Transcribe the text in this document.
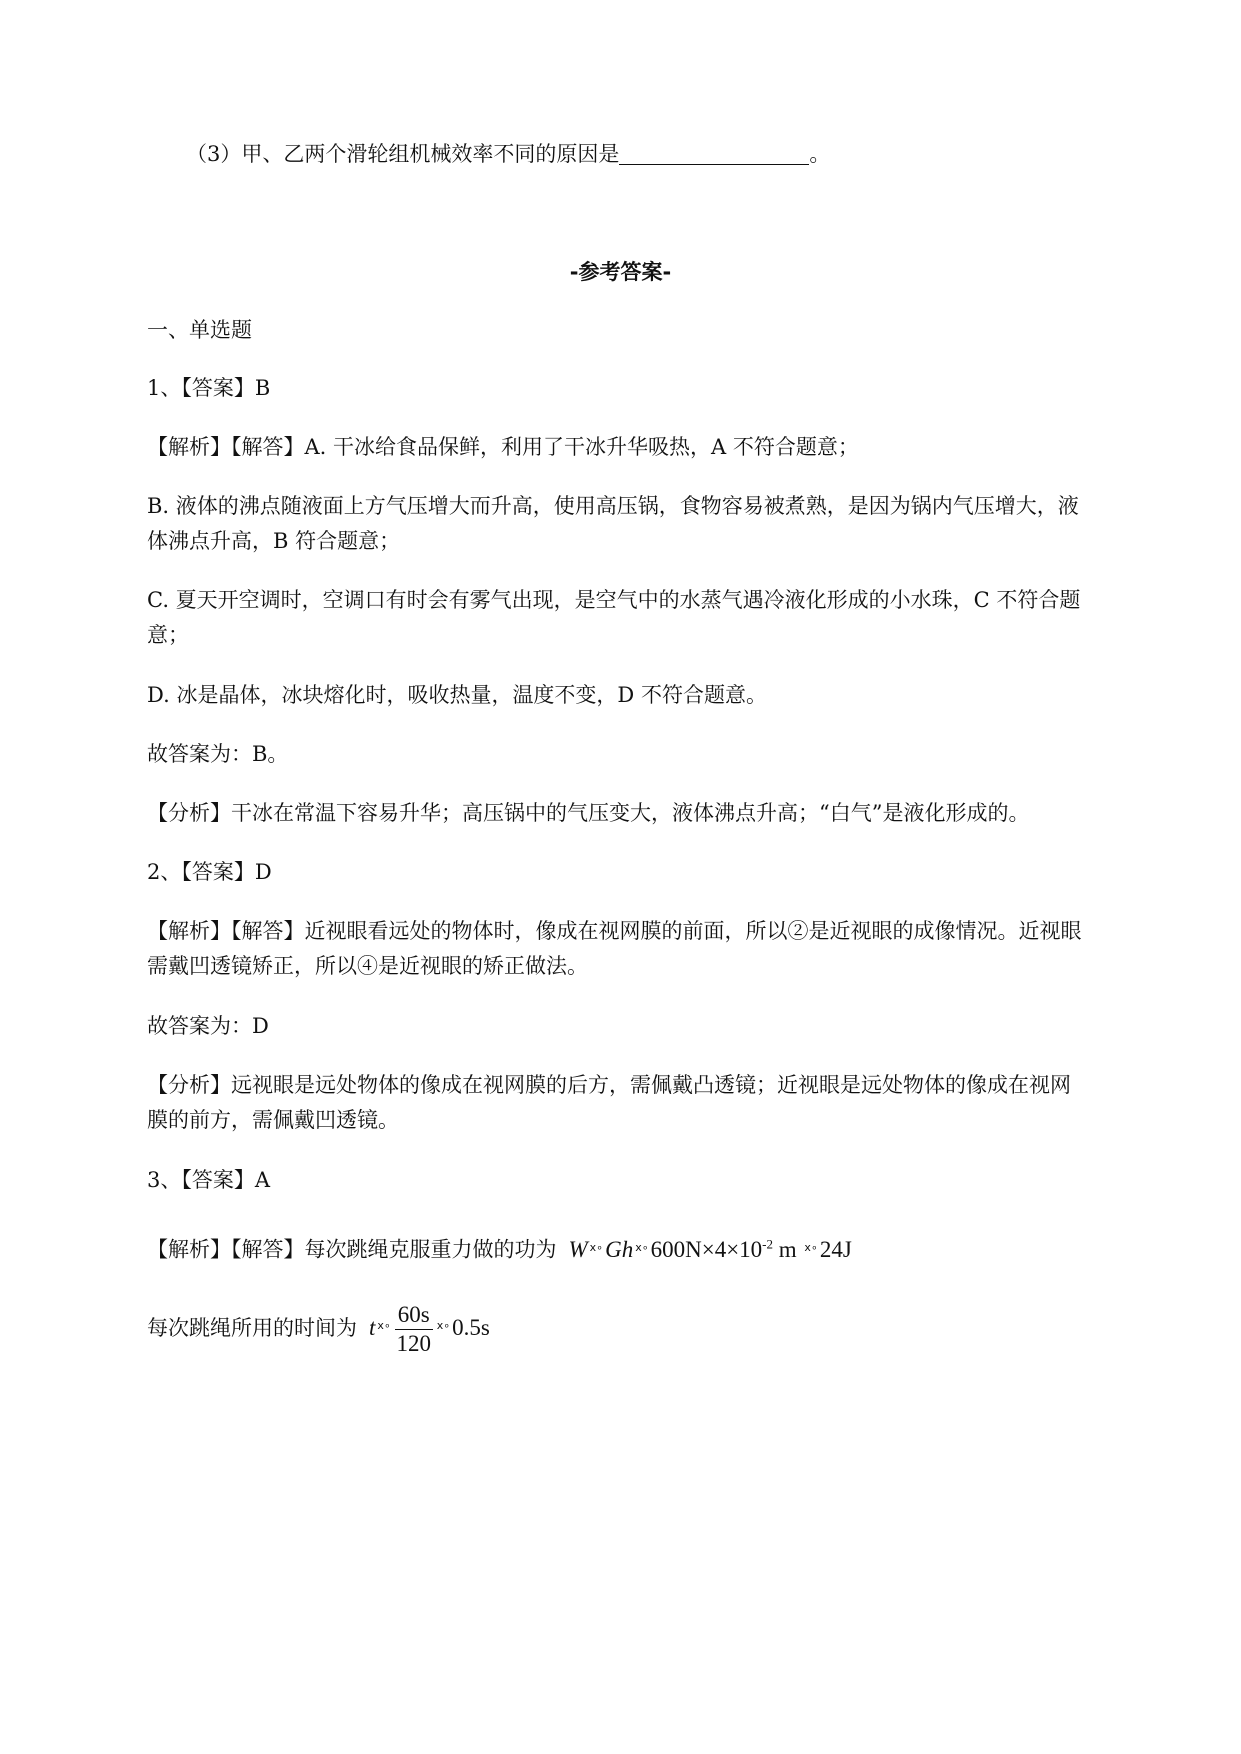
（3）甲、乙两个滑轮组机械效率不同的原因是	。

-参考答案-

一、单选题

1、【答案】B

【解析】【解答】A. 干冰给食品保鲜，利用了干冰升华吸热，A 不符合题意；

B. 液体的沸点随液面上方气压增大而升高，使用高压锅，食物容易被煮熟，是因为锅内气压增大，液

体沸点升高，B 符合题意；

C. 夏天开空调时，空调口有时会有雾气出现，是空气中的水蒸气遇冷液化形成的小水珠，C 不符合题

意；

D. 冰是晶体，冰块熔化时，吸收热量，温度不变，D 不符合题意。

故答案为：B。

【分析】干冰在常温下容易升华；高压锅中的气压变大，液体沸点升高；“白气”是液化形成的。

2、【答案】D

【解析】【解答】近视眼看远处的物体时，像成在视网膜的前面，所以②是近视眼的成像情况。近视眼

需戴凹透镜矫正，所以④是近视眼的矫正做法。

故答案为：D

【分析】远视眼是远处物体的像成在视网膜的后方，需佩戴凸透镜；近视眼是远处物体的像成在视网

膜的前方，需佩戴凹透镜。

3、【答案】A

【解析】【解答】每次跳绳克服重力做的功为 W $^{ⅹ\circ}$Gh $^{ⅹ\circ}600N\times 4\times 10^{-2}$ m $^{ⅹ\circ}$24J

每次跳绳所用的时间为 t $^{ⅹ\circ} \frac{60s}{120} ^{ⅹ\circ}0.5s$
